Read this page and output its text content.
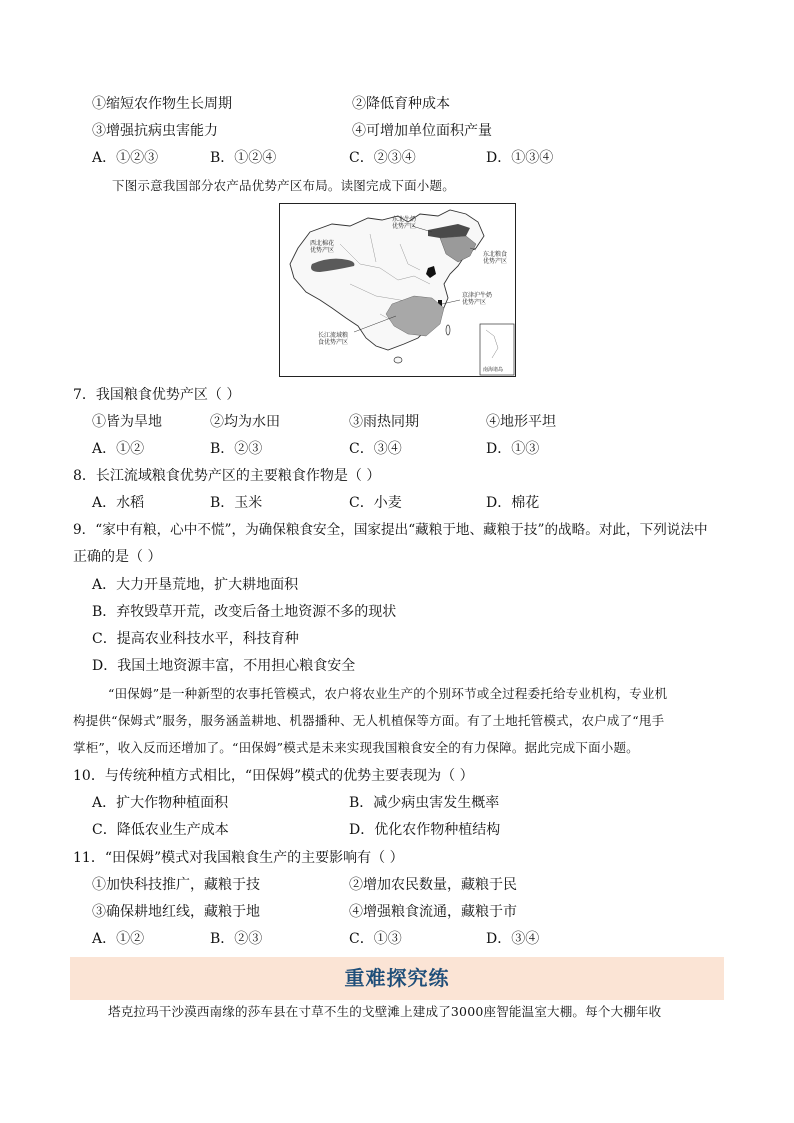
①缩短农作物生长周期	②降低育种成本
③增强抗病虫害能力	④可增加单位面积产量
A．①②③	B．①②④	C．②③④	D．①③④
下图示意我国部分农产品优势产区布局。读图完成下面小题。
西北棉花
优势产区
东北牛奶
优势产区
东北粮食
优势产区
京津沪牛奶
优势产区
长江流域粮
食优势产区
南海诸岛
7．我国粮食优势产区（ ）
①皆为旱地	②均为水田	③雨热同期	④地形平坦
A．①②	B．②③	C．③④	D．①③
8．长江流域粮食优势产区的主要粮食作物是（ ）
A．水稻	B．玉米	C．小麦	D．棉花
9．“家中有粮，心中不慌”，为确保粮食安全，国家提出“藏粮于地、藏粮于技”的战略。对此，下列说法中
正确的是（ ）
A．大力开垦荒地，扩大耕地面积
B．弃牧毁草开荒，改变后备土地资源不多的现状
C．提高农业科技水平，科技育种
D．我国土地资源丰富，不用担心粮食安全
“田保姆”是一种新型的农事托管模式，农户将农业生产的个别环节或全过程委托给专业机构，专业机
构提供“保姆式”服务，服务涵盖耕地、机器播种、无人机植保等方面。有了土地托管模式，农户成了“甩手
掌柜”，收入反而还增加了。“田保姆”模式是未来实现我国粮食安全的有力保障。据此完成下面小题。
10．与传统种植方式相比，“田保姆”模式的优势主要表现为（ ）
A．扩大作物种植面积	B．减少病虫害发生概率
C．降低农业生产成本	D．优化农作物种植结构
11．“田保姆”模式对我国粮食生产的主要影响有（ ）
①加快科技推广，藏粮于技	②增加农民数量，藏粮于民
③确保耕地红线，藏粮于地	④增强粮食流通，藏粮于市
A．①②	B．②③	C．①③	D．③④
重难探究练
塔克拉玛干沙漠西南缘的莎车县在寸草不生的戈壁滩上建成了3000座智能温室大棚。每个大棚年收
